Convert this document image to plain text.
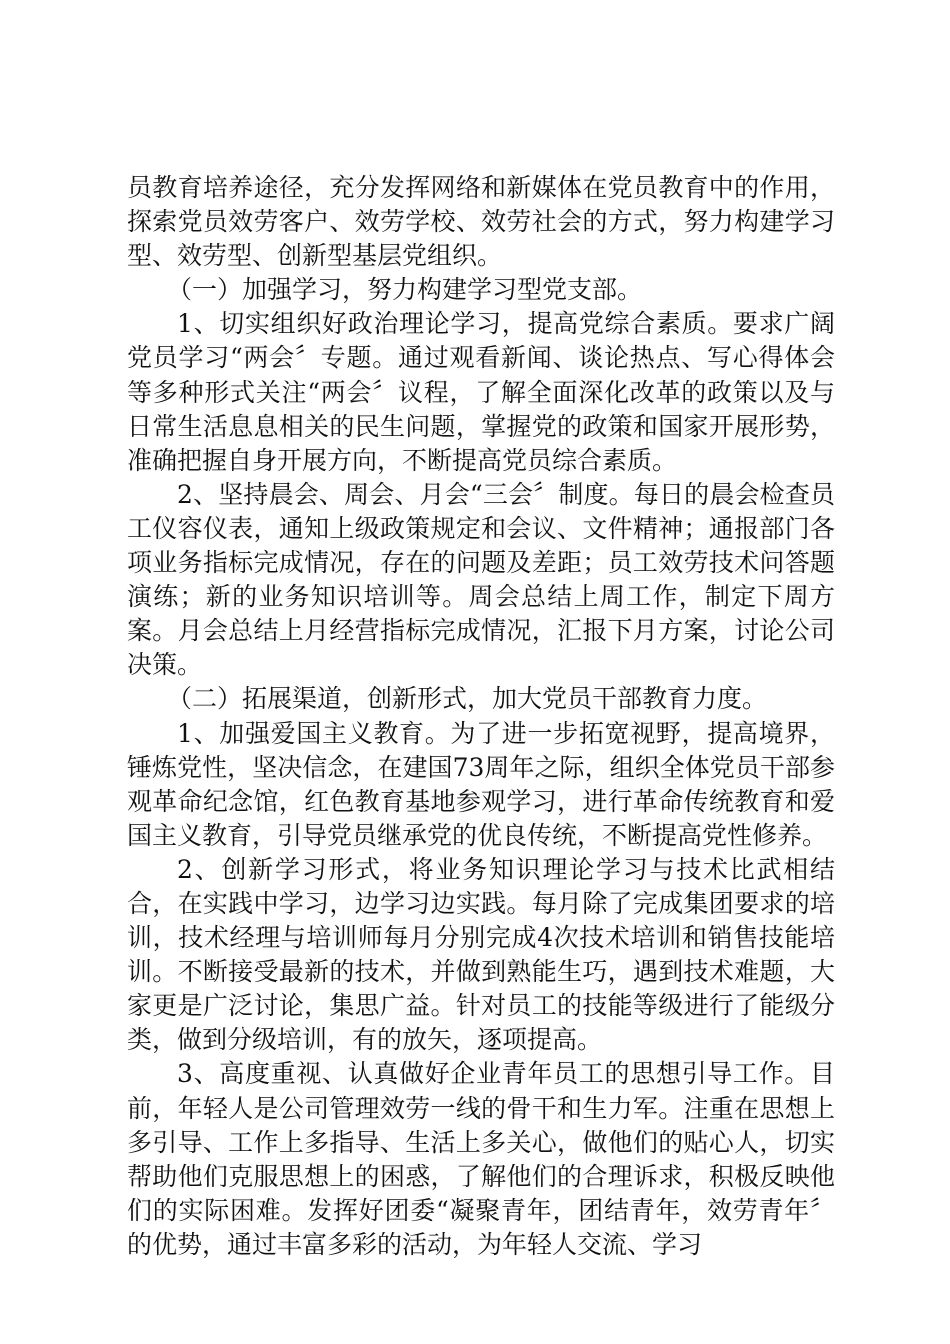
员教育培养途径，充分发挥网络和新媒体在党员教育中的作用，探索党员效劳客户、效劳学校、效劳社会的方式，努力构建学习型、效劳型、创新型基层党组织。

（一）加强学习，努力构建学习型党支部。

1、切实组织好政治理论学习，提高党综合素质。要求广阔党员学习“两会〞专题。通过观看新闻、谈论热点、写心得体会等多种形式关注“两会〞议程，了解全面深化改革的政策以及与日常生活息息相关的民生问题，掌握党的政策和国家开展形势，准确把握自身开展方向，不断提高党员综合素质。

2、坚持晨会、周会、月会“三会〞制度。每日的晨会检查员工仪容仪表，通知上级政策规定和会议、文件精神；通报部门各项业务指标完成情况，存在的问题及差距；员工效劳技术问答题演练；新的业务知识培训等。周会总结上周工作，制定下周方案。月会总结上月经营指标完成情况，汇报下月方案，讨论公司决策。

（二）拓展渠道，创新形式，加大党员干部教育力度。

1、加强爱国主义教育。为了进一步拓宽视野，提高境界，锤炼党性，坚决信念，在建国73周年之际，组织全体党员干部参观革命纪念馆，红色教育基地参观学习，进行革命传统教育和爱国主义教育，引导党员继承党的优良传统，不断提高党性修养。

2、创新学习形式，将业务知识理论学习与技术比武相结合，在实践中学习，边学习边实践。每月除了完成集团要求的培训，技术经理与培训师每月分别完成4次技术培训和销售技能培训。不断接受最新的技术，并做到熟能生巧，遇到技术难题，大家更是广泛讨论，集思广益。针对员工的技能等级进行了能级分类，做到分级培训，有的放矢，逐项提高。

3、高度重视、认真做好企业青年员工的思想引导工作。目前，年轻人是公司管理效劳一线的骨干和生力军。注重在思想上多引导、工作上多指导、生活上多关心，做他们的贴心人，切实帮助他们克服思想上的困惑，了解他们的合理诉求，积极反映他们的实际困难。发挥好团委“凝聚青年，团结青年，效劳青年〞的优势，通过丰富多彩的活动，为年轻人交流、学习
